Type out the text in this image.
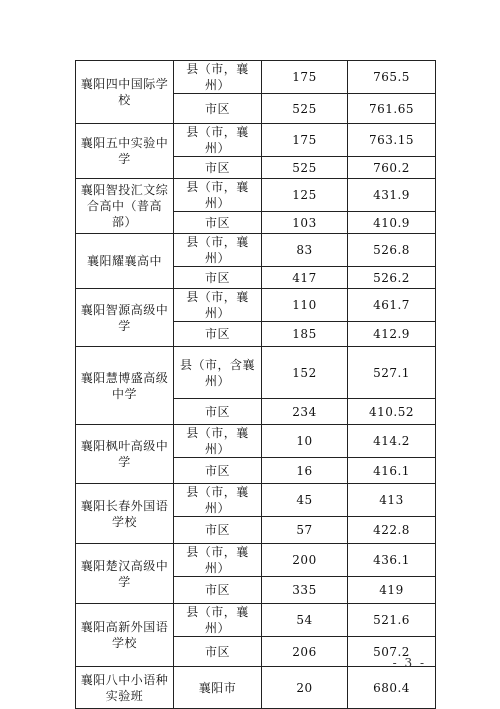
襄阳四中国际学校	县（市，襄州）	175	765.5
	市区	525	761.65
襄阳五中实验中学	县（市，襄州）	175	763.15
	市区	525	760.2
襄阳智投汇文综合高中（普高部）	县（市，襄州）	125	431.9
	市区	103	410.9
襄阳耀襄高中	县（市，襄州）	83	526.8
	市区	417	526.2
襄阳智源高级中学	县（市，襄州）	110	461.7
	市区	185	412.9
襄阳慧博盛高级中学	县（市，含襄州）	152	527.1
	市区	234	410.52
襄阳枫叶高级中学	县（市，襄州）	10	414.2
	市区	16	416.1
襄阳长春外国语学校	县（市，襄州）	45	413
	市区	57	422.8
襄阳楚汉高级中学	县（市，襄州）	200	436.1
	市区	335	419
襄阳高新外国语学校	县（市，襄州）	54	521.6
	市区	206	507.2
襄阳八中小语种实验班	襄阳市	20	680.4
- 3 -
